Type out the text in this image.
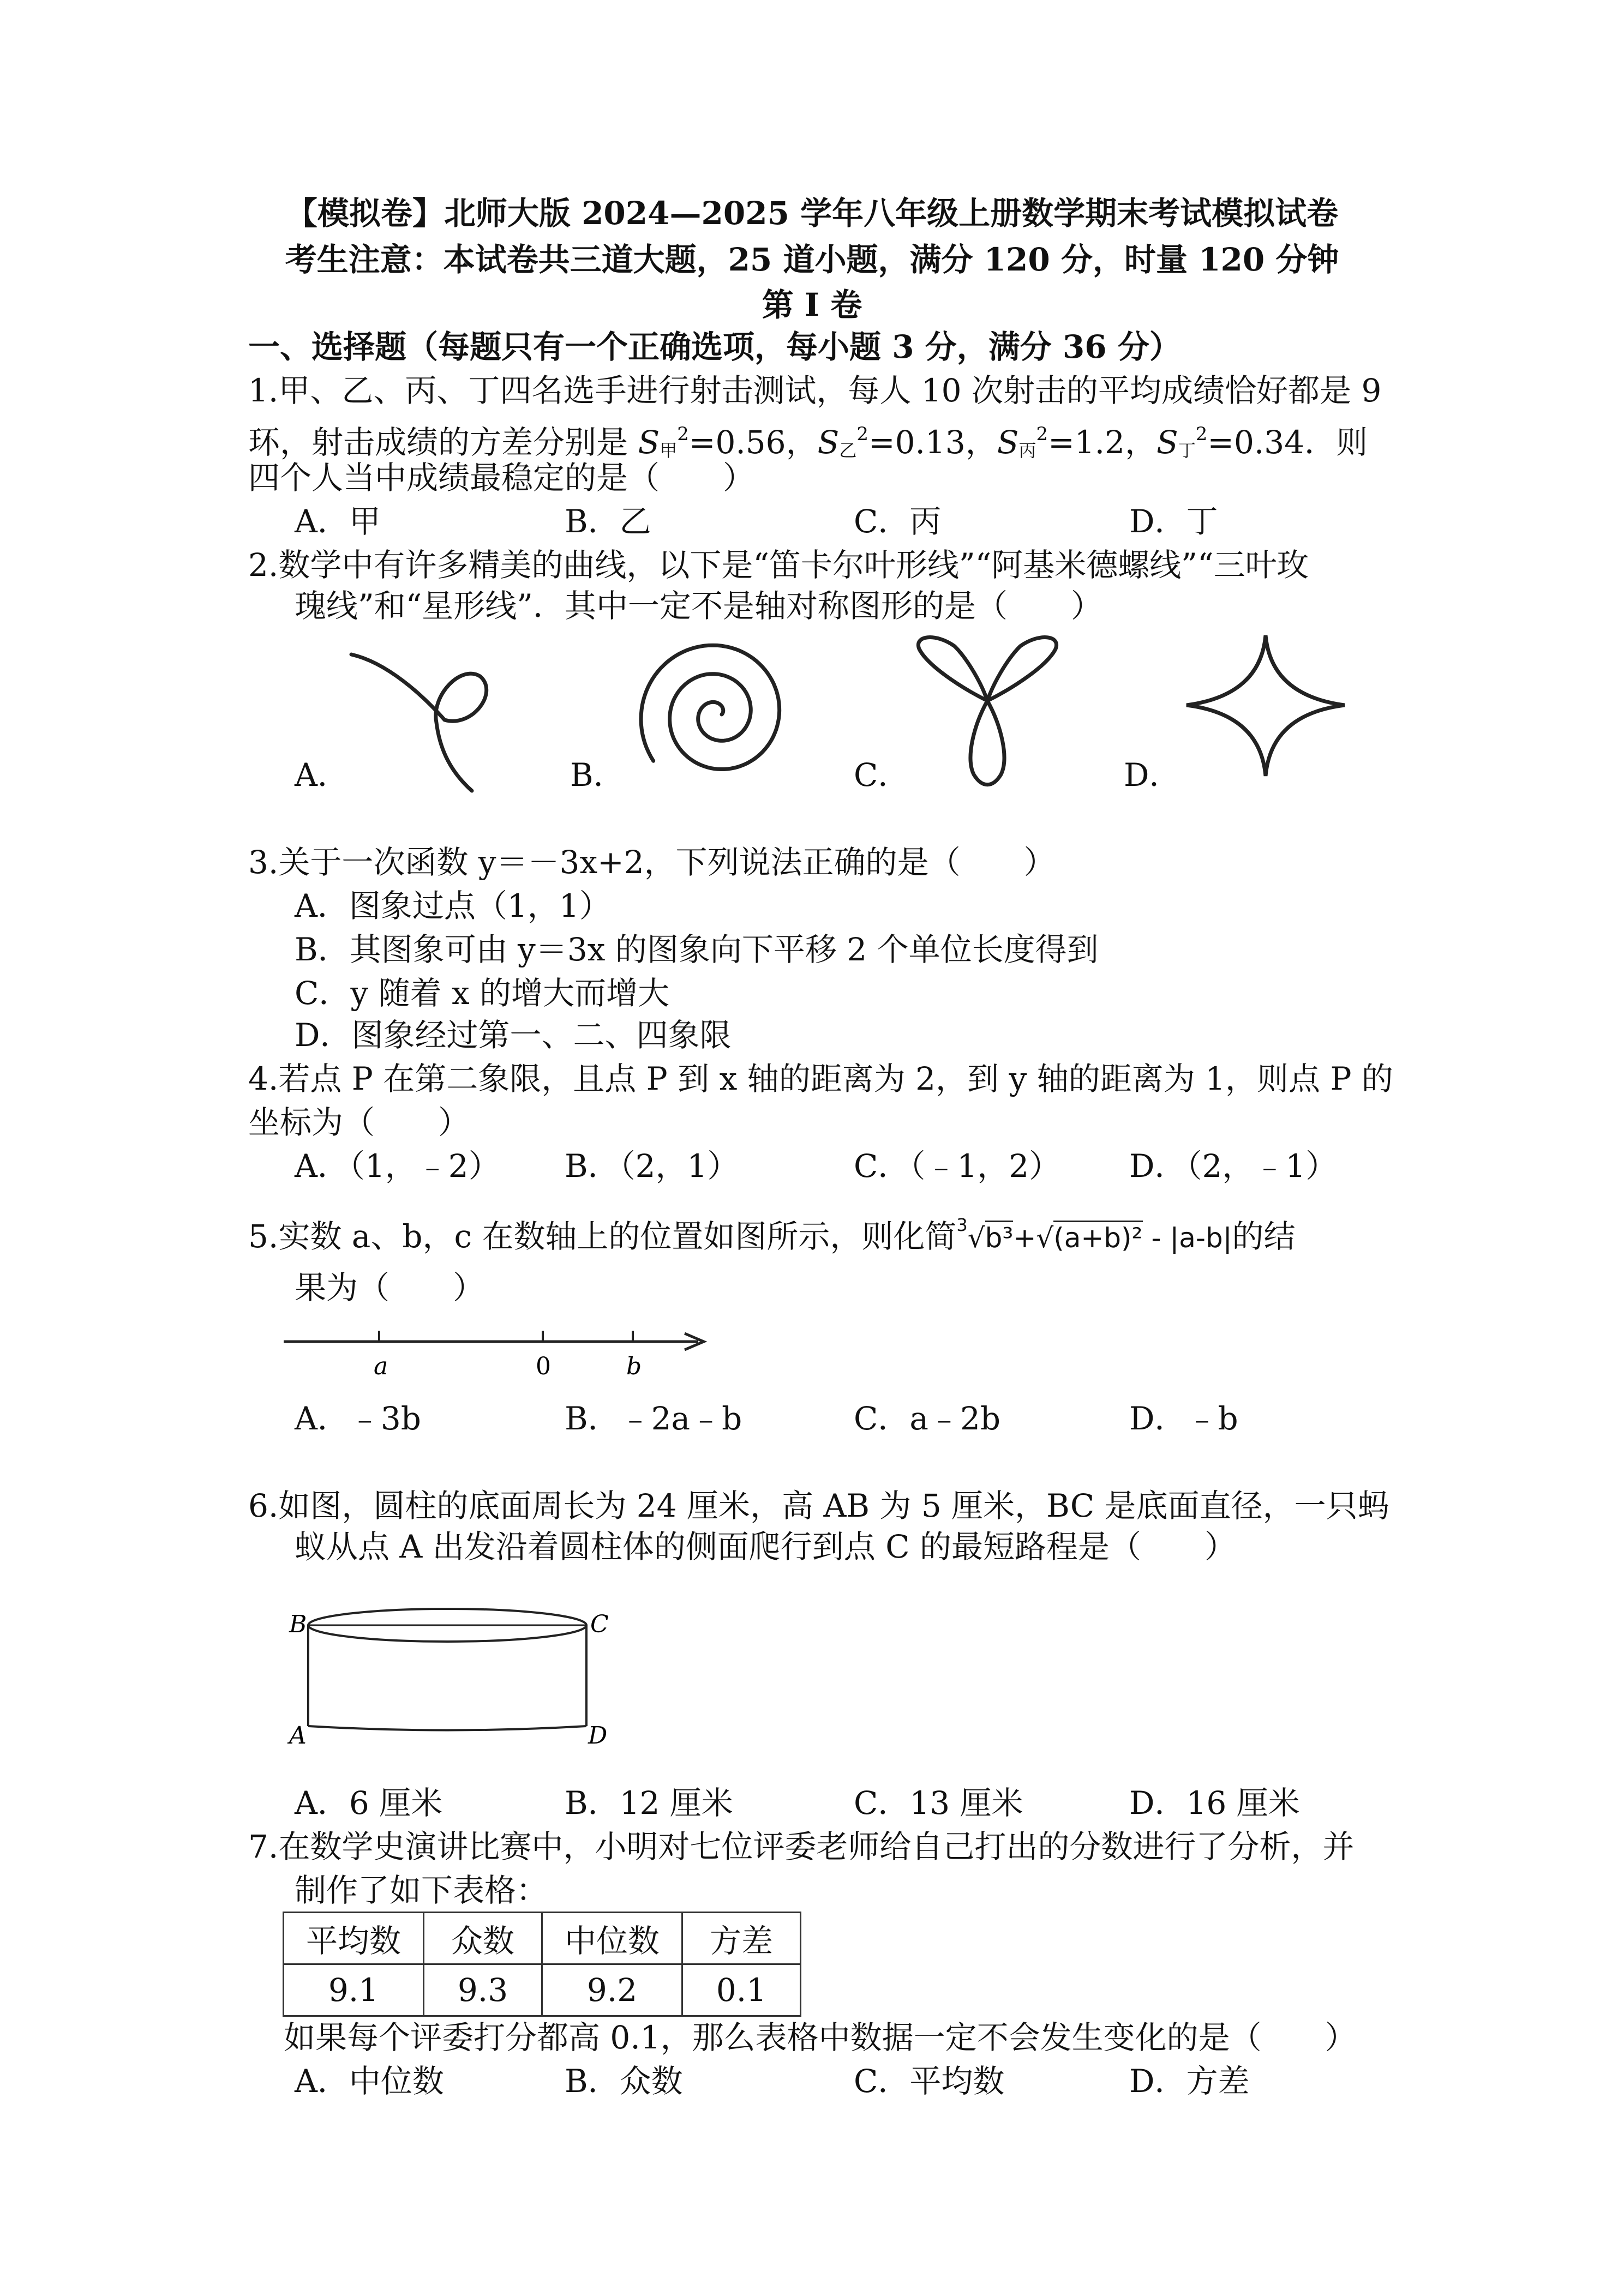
【模拟卷】北师大版 2024—2025 学年八年级上册数学期末考试模拟试卷
考生注意：本试卷共三道大题，25 道小题，满分 120 分，时量 120 分钟
第 I 卷
一、选择题（每题只有一个正确选项，每小题 3 分，满分 36 分）
1.甲、乙、丙、丁四名选手进行射击测试，每人 10 次射击的平均成绩恰好都是 9
环，射击成绩的方差分别是 S甲$^2$=0.56，S乙$^2$=0.13，S丙$^2$=1.2，S丁$^2$=0.34．则
四个人当中成绩最稳定的是（　　）
A．甲	B．乙	C．丙	D．丁
2.数学中有许多精美的曲线，以下是“笛卡尔叶形线”“阿基米德螺线”“三叶玫
瑰线”和“星形线”．其中一定不是轴对称图形的是（　　）
A．	B．	C．	D．
3.关于一次函数 y＝－3x+2，下列说法正确的是（　　）
A．图象过点（1，1）
B．其图象可由 y＝3x 的图象向下平移 2 个单位长度得到
C．y 随着 x 的增大而增大
D．图象经过第一、二、四象限
4.若点 P 在第二象限，且点 P 到 x 轴的距离为 2，到 y 轴的距离为 1，则点 P 的
坐标为（　　）
A．（1，﹣2） B．（2，1）	C．（﹣1，2） D．（2，﹣1）
5.实数 a、b，c 在数轴上的位置如图所示，则化简$^3$√b³+√(a+b)² - |a-b|的结
果为（　　）
a	0	b
A．﹣3b	B．﹣2a﹣b	C．a﹣2b	D．﹣b
6.如图，圆柱的底面周长为 24 厘米，高 AB 为 5 厘米，BC 是底面直径，一只蚂
蚁从点 A 出发沿着圆柱体的侧面爬行到点 C 的最短路程是（　　）
B	C
A	D
A．6 厘米	B．12 厘米	C．13 厘米	D．16 厘米
7.在数学史演讲比赛中，小明对七位评委老师给自己打出的分数进行了分析，并
制作了如下表格：
平均数	众数	中位数	方差
9.1	9.3	9.2	0.1
如果每个评委打分都高 0.1，那么表格中数据一定不会发生变化的是（　　）
A．中位数	B．众数	C．平均数	D．方差
